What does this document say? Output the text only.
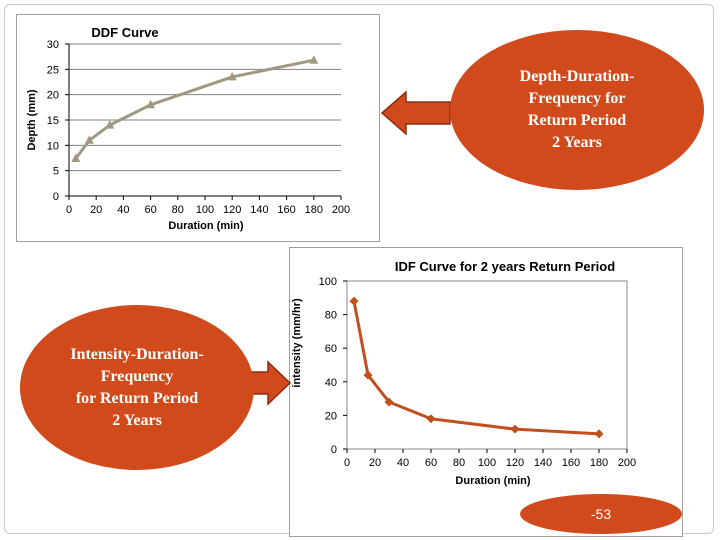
0
5
10
15
20
25
30
0 20 40 60 80 100 120 140 160 180 200
DDF Curve
Duration (min)
Depth (mm)
0
20
40
60
80
100
0 20 40 60 80 100 120 140 160 180 200
IDF Curve for 2 years Return Period
Duration (min)
intensity (mm/hr)
Depth-Duration-
Frequency for
Return Period
2 Years
Intensity-Duration-
Frequency
for Return Period
2 Years
-53
